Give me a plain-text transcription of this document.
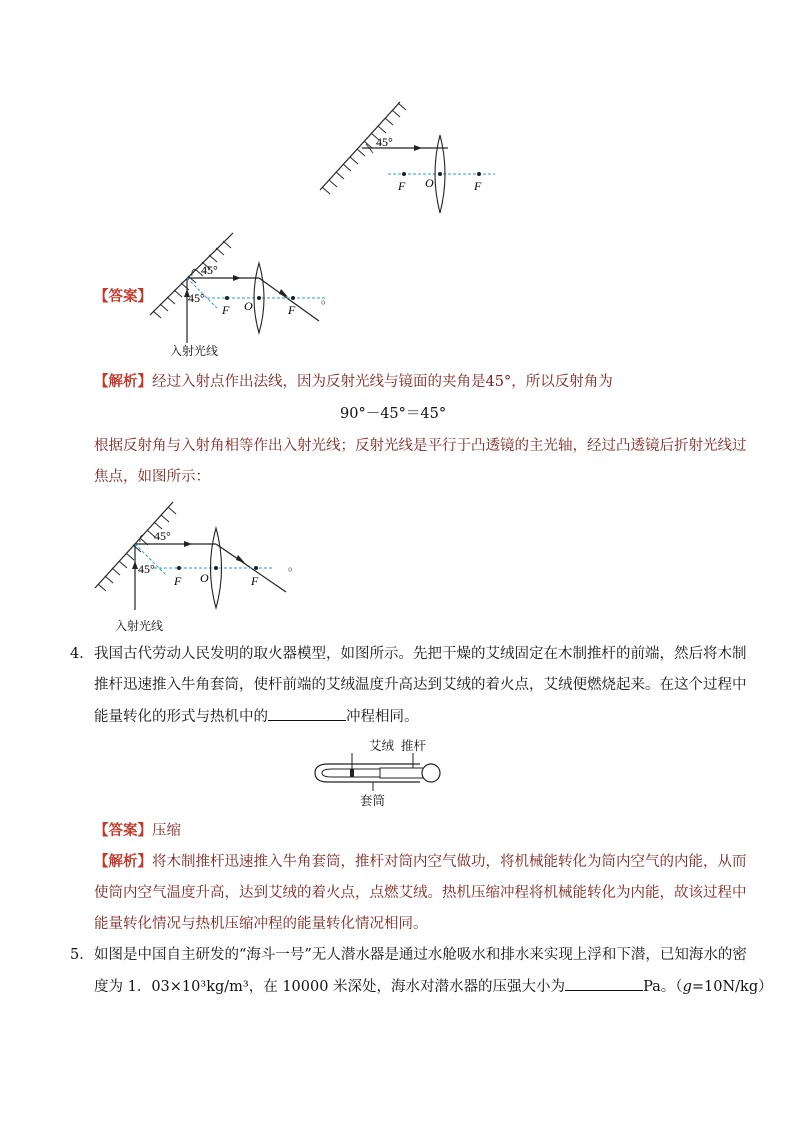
45°
F O	F
【答案】
45°
45°
F O	F
。
入射光线
【解析】经过入射点作出法线，因为反射光线与镜面的夹角是45°，所以反射角为
90°－45°＝45°
根据反射角与入射角相等作出入射光线；反射光线是平行于凸透镜的主光轴，经过凸透镜后折射光线过
焦点，如图所示：
45°
45°
F O	F
。
入射光线
4． 我国古代劳动人民发明的取火器模型，如图所示。先把干燥的艾绒固定在木制推杆的前端，然后将木制
推杆迅速推入牛角套筒，使杆前端的艾绒温度升高达到艾绒的着火点，艾绒便燃烧起来。在这个过程中
能量转化的形式与热机中的	冲程相同。
艾绒 推杆
套筒
【答案】压缩
【解析】将木制推杆迅速推入牛角套筒，推杆对筒内空气做功，将机械能转化为筒内空气的内能，从而
使筒内空气温度升高，达到艾绒的着火点，点燃艾绒。热机压缩冲程将机械能转化为内能，故该过程中
能量转化情况与热机压缩冲程的能量转化情况相同。
5． 如图是中国自主研发的“海斗一号”无人潜水器是通过水舱吸水和排水来实现上浮和下潜，已知海水的密
度为 1．03×10³kg/m³，在 10000 米深处，海水对潜水器的压强大小为	Pa。（g=10N/kg）
